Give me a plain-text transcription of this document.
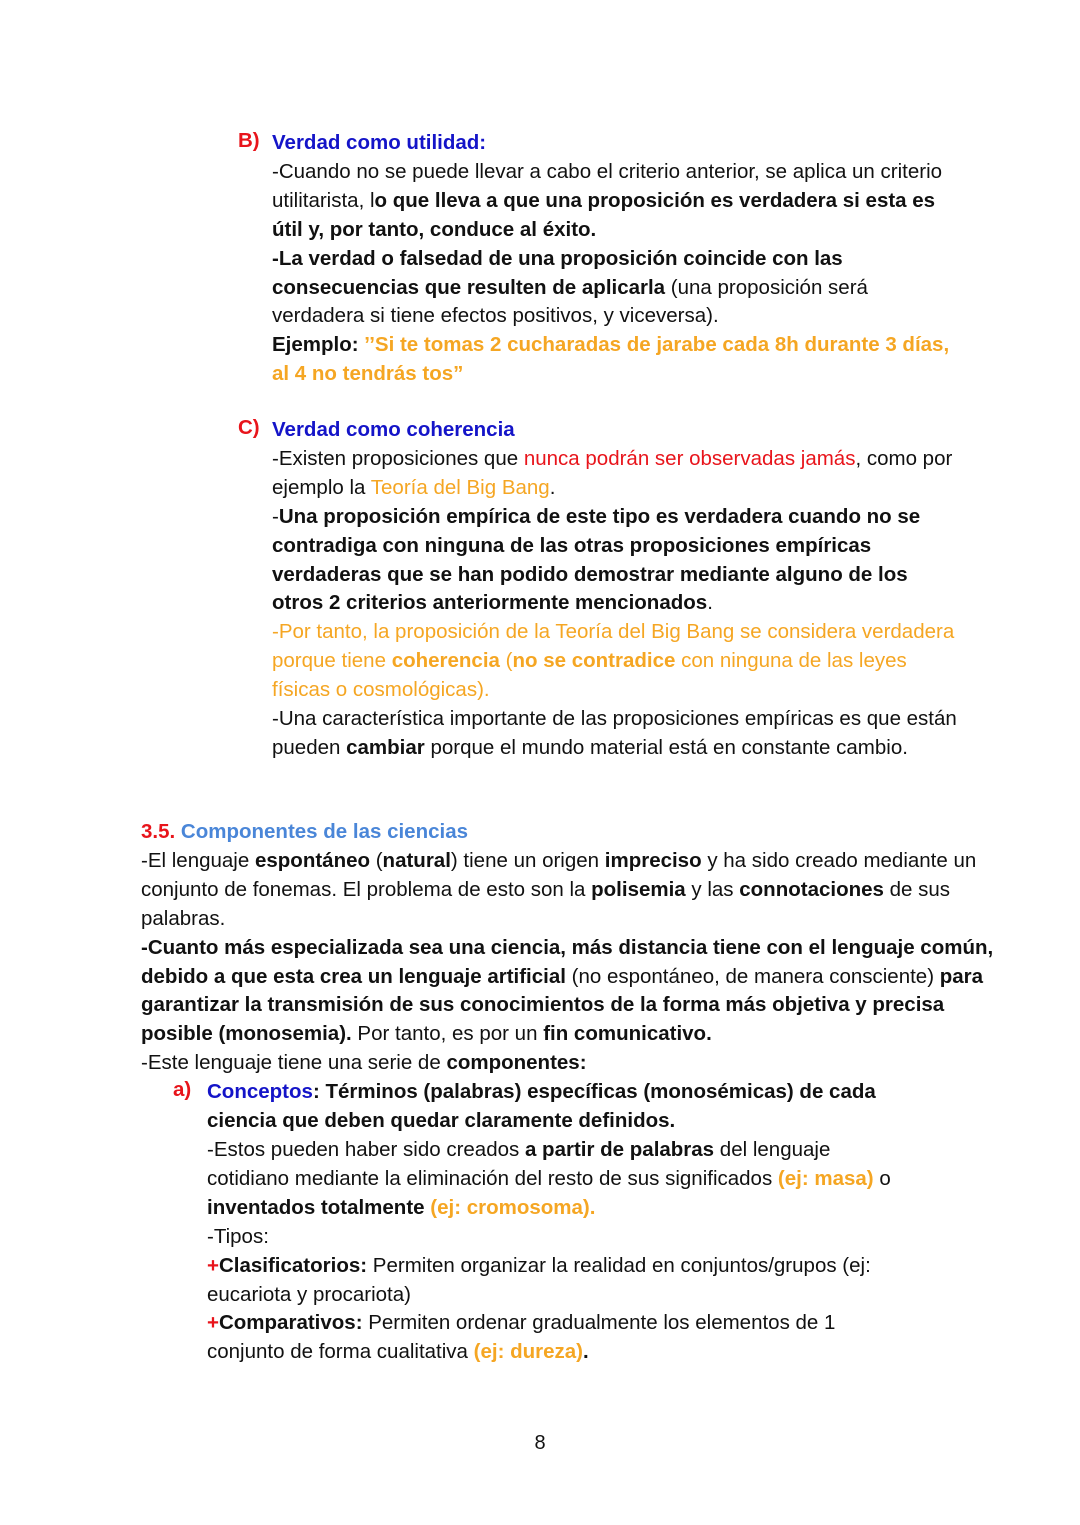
B) Verdad como utilidad:

-Cuando no se puede llevar a cabo el criterio anterior, se aplica un criterio utilitarista, lo que lleva a que una proposición es verdadera si esta es útil y, por tanto, conduce al éxito.

-La verdad o falsedad de una proposición coincide con las consecuencias que resulten de aplicarla (una proposición será verdadera si tiene efectos positivos, y viceversa).

Ejemplo: ’’Si te tomas 2 cucharadas de jarabe cada 8h durante 3 días, al 4 no tendrás tos”

C) Verdad como coherencia

-Existen proposiciones que nunca podrán ser observadas jamás, como por ejemplo la Teoría del Big Bang.

-Una proposición empírica de este tipo es verdadera cuando no se contradiga con ninguna de las otras proposiciones empíricas verdaderas que se han podido demostrar mediante alguno de los otros 2 criterios anteriormente mencionados.

-Por tanto, la proposición de la Teoría del Big Bang se considera verdadera porque tiene coherencia (no se contradice con ninguna de las leyes físicas o cosmológicas).

-Una característica importante de las proposiciones empíricas es que están pueden cambiar porque el mundo material está en constante cambio.

3.5. Componentes de las ciencias

-El lenguaje espontáneo (natural) tiene un origen impreciso y ha sido creado mediante un conjunto de fonemas. El problema de esto son la polisemia y las connotaciones de sus palabras.

-Cuanto más especializada sea una ciencia, más distancia tiene con el lenguaje común, debido a que esta crea un lenguaje artificial (no espontáneo, de manera consciente) para garantizar la transmisión de sus conocimientos de la forma más objetiva y precisa posible (monosemia). Por tanto, es por un fin comunicativo.

-Este lenguaje tiene una serie de componentes:

a) Conceptos: Términos (palabras) específicas (monosémicas) de cada ciencia que deben quedar claramente definidos.

-Estos pueden haber sido creados a partir de palabras del lenguaje cotidiano mediante la eliminación del resto de sus significados (ej: masa) o inventados totalmente (ej: cromosoma).

-Tipos:

+Clasificatorios: Permiten organizar la realidad en conjuntos/grupos (ej: eucariota y procariota)

+Comparativos: Permiten ordenar gradualmente los elementos de 1 conjunto de forma cualitativa (ej: dureza).

8
